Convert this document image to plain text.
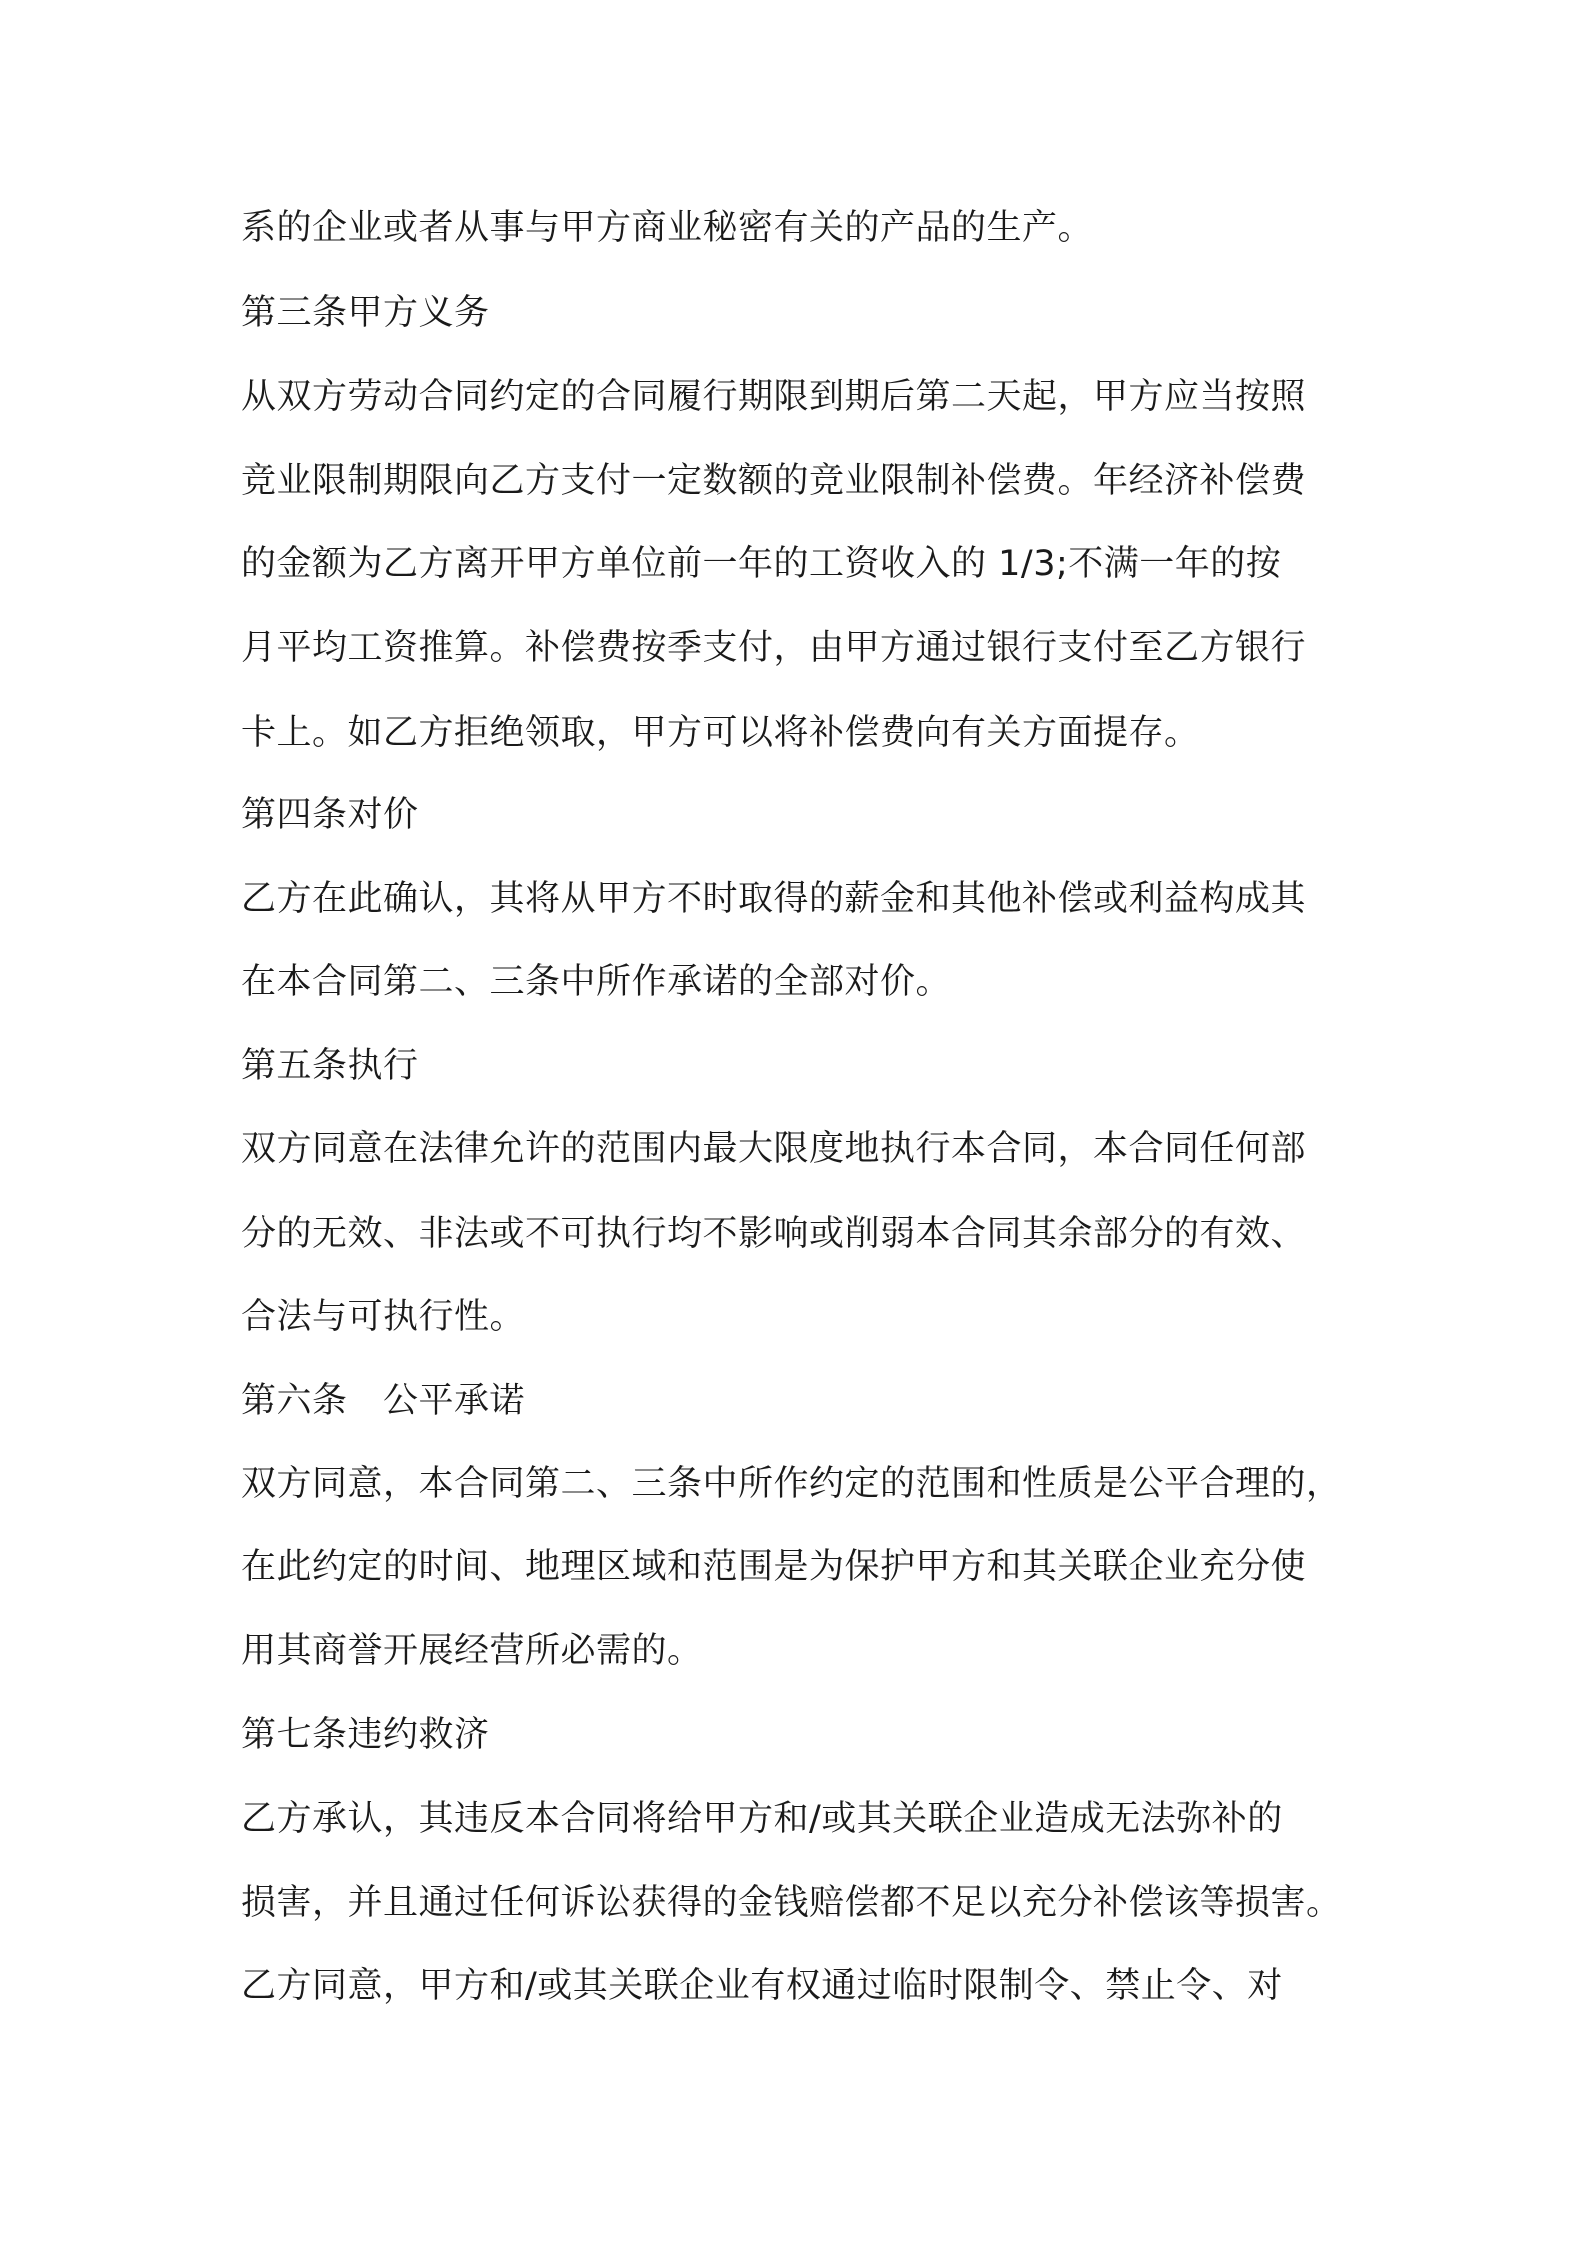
系的企业或者从事与甲方商业秘密有关的产品的生产。
第三条甲方义务
从双方劳动合同约定的合同履行期限到期后第二天起，甲方应当按照
竞业限制期限向乙方支付一定数额的竞业限制补偿费。年经济补偿费
的金额为乙方离开甲方单位前一年的工资收入的 1/3;不满一年的按
月平均工资推算。补偿费按季支付，由甲方通过银行支付至乙方银行
卡上。如乙方拒绝领取，甲方可以将补偿费向有关方面提存。
第四条对价
乙方在此确认，其将从甲方不时取得的薪金和其他补偿或利益构成其
在本合同第二、三条中所作承诺的全部对价。
第五条执行
双方同意在法律允许的范围内最大限度地执行本合同，本合同任何部
分的无效、非法或不可执行均不影响或削弱本合同其余部分的有效、
合法与可执行性。
第六条　公平承诺
双方同意，本合同第二、三条中所作约定的范围和性质是公平合理的，
在此约定的时间、地理区域和范围是为保护甲方和其关联企业充分使
用其商誉开展经营所必需的。
第七条违约救济
乙方承认，其违反本合同将给甲方和/或其关联企业造成无法弥补的
损害，并且通过任何诉讼获得的金钱赔偿都不足以充分补偿该等损害。
乙方同意，甲方和/或其关联企业有权通过临时限制令、禁止令、对
